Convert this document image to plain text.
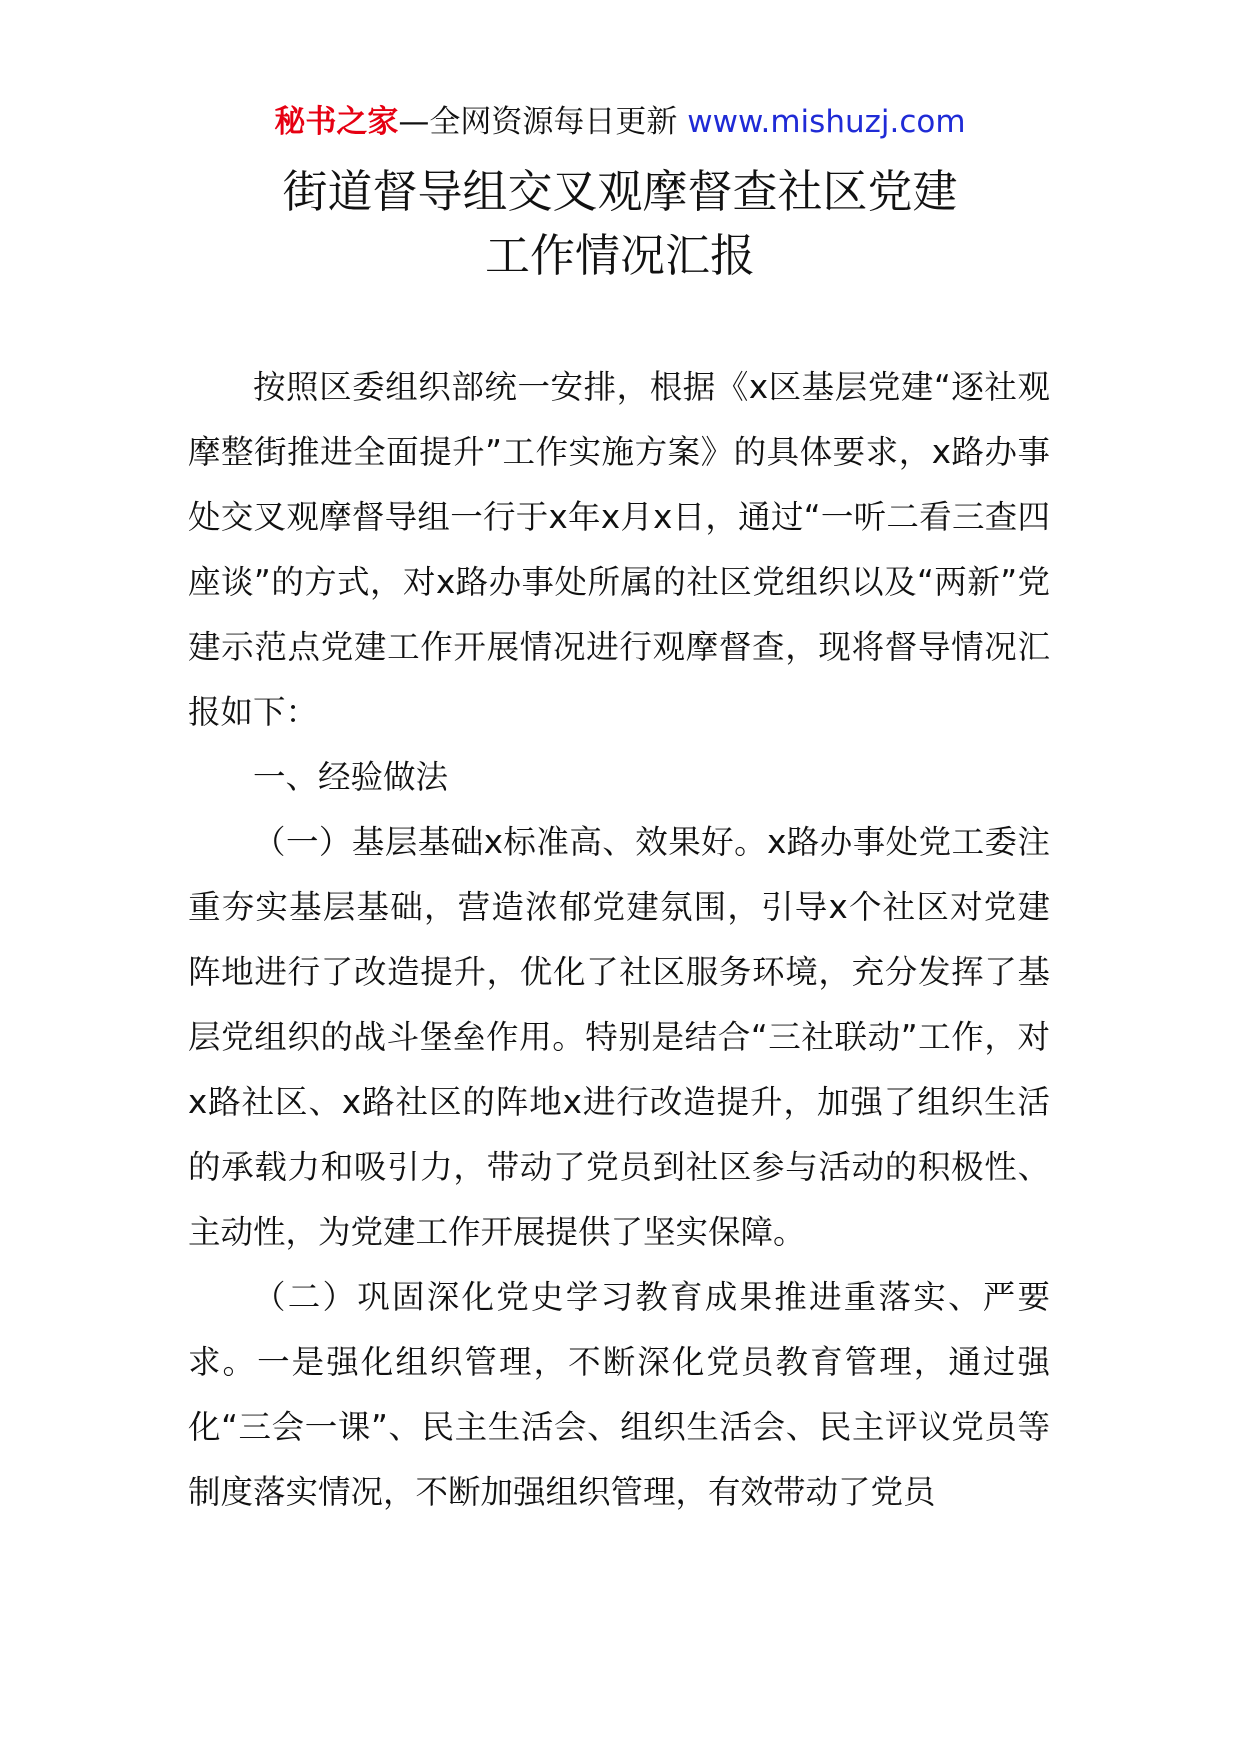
秘书之家—全网资源每日更新 www.mishuzj.com
街道督导组交叉观摩督查社区党建
工作情况汇报

按照区委组织部统一安排，根据《x区基层党建“逐社观摩整街推进全面提升”工作实施方案》的具体要求，x路办事处交叉观摩督导组一行于x年x月x日，通过“一听二看三查四座谈”的方式，对x路办事处所属的社区党组织以及“两新”党建示范点党建工作开展情况进行观摩督查，现将督导情况汇报如下：

一、经验做法

（一）基层基础x标准高、效果好。x路办事处党工委注重夯实基层基础，营造浓郁党建氛围，引导x个社区对党建阵地进行了改造提升，优化了社区服务环境，充分发挥了基层党组织的战斗堡垒作用。特别是结合“三社联动”工作，对x路社区、x路社区的阵地x进行改造提升，加强了组织生活的承载力和吸引力，带动了党员到社区参与活动的积极性、主动性，为党建工作开展提供了坚实保障。

（二）巩固深化党史学习教育成果推进重落实、严要求。一是强化组织管理，不断深化党员教育管理，通过强化“三会一课”、民主生活会、组织生活会、民主评议党员等制度落实情况，不断加强组织管理，有效带动了党员
